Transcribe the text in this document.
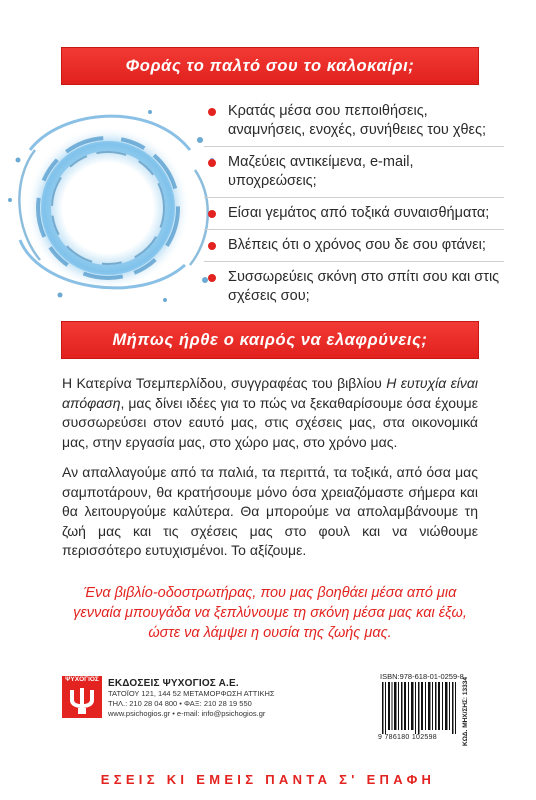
Φοράς το παλτό σου το καλοκαίρι;
Κρατάς μέσα σου πεποιθήσεις, αναμνήσεις, ενοχές, συνήθειες του χθες;
Μαζεύεις αντικείμενα, e-mail, υποχρεώσεις;
Είσαι γεμάτος από τοξικά συναισθήματα;
Βλέπεις ότι ο χρόνος σου δε σου φτάνει;
Συσσωρεύεις σκόνη στο σπίτι σου και στις σχέσεις σου;
Μήπως ήρθε ο καιρός να ελαφρύνεις;

Η Κατερίνα Τσεμπερλίδου, συγγραφέας του βιβλίου Η ευτυχία είναι απόφαση, μας δίνει ιδέες για το πώς να ξεκαθαρίσουμε όσα έχουμε συσσωρεύσει στον εαυτό μας, στις σχέσεις μας, στα οικονομικά μας, στην εργασία μας, στο χώρο μας, στο χρόνο μας.

Αν απαλλαγούμε από τα παλιά, τα περιττά, τα τοξικά, από όσα μας σαμποτάρουν, θα κρατήσουμε μόνο όσα χρειαζόμαστε σήμερα και θα λειτουργούμε καλύτερα. Θα μπορούμε να απολαμβάνουμε τη ζωή μας και τις σχέσεις μας στο φουλ και να νιώθουμε περισσότερο ευτυχισμένοι. Το αξίζουμε.

Ένα βιβλίο-οδοστρωτήρας, που μας βοηθάει μέσα από μια γενναία μπουγάδα να ξεπλύνουμε τη σκόνη μέσα μας και έξω, ώστε να λάμψει η ουσία της ζωής μας.

ΨΥΧΟΓΙΟΣ ΕΚΔΟΣΕΙΣ ΨΥΧΟΓΙΟΣ Α.Ε.
ΤΑΤΟΪΟΥ 121, 144 52 ΜΕΤΑΜΟΡΦΩΣΗ ΑΤΤΙΚΗΣ
ΤΗΛ.: 210 28 04 800 • ΦΑΞ: 210 28 19 550
www.psichogios.gr • e-mail: info@psichogios.gr
ISBN:978-618-01-0259-8
9 786180 102598	ΚΩΔ. ΜΗΧ/ΣΗΣ: 13334
ΕΣΕΙΣ ΚΙ ΕΜΕΙΣ ΠΑΝΤΑ Σ' ΕΠΑΦΗ
